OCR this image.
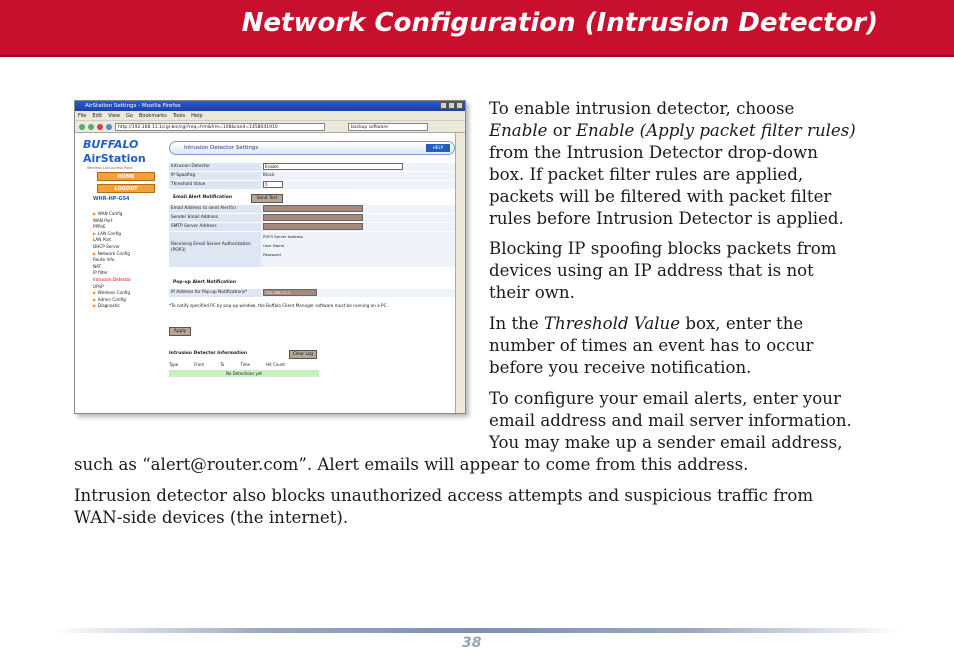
Network Configuration (Intrusion Detector)
AirStation Settings - Mozilla Firefox
File Edit View Go Bookmarks Tools Help
http://192.168.11.1/cgi-bin/cgi?req=frm&frm=108&rand=1458041910	backup software
BUFFALO
AirStation
Wireless LAN Access Point
HOME
LOGOUT
WHR-HP-G54
▶ WAN Config
WAN Port
PPPoE
▶ LAN Config
LAN Port
DHCP Server
▶ Network Config
Route Info
NAT
IP filter
Intrusion Detector
UPnP
▶ Wireless Config
▶ Admin Config
▶ Diagnostic
Intrusion Detector Settings	HELP
Intrusion Detector	Enable
IP Spoofing	Block
Threshold Value	5
Email Alert Notification	Send Test
Email Address to send Alert(s)
Sender Email Address
SMTP Server Address
Receiving Email Server Authorization (POP3)
POP3 Server Address
User Name
Password
Pop-up Alert Notification
IP Address for Pop-up Notifications*	192.168.11.2
*To notify specified PC by pop-up window, the Buffalo Client Manager software must be running on a PC.
Apply
Intrusion Detector Information	Clear Log
Type	From	To	Time	Hit Count
No Detections yet
To enable intrusion detector, choose
Enable or Enable (Apply packet filter rules)
from the Intrusion Detector drop-down
box. If packet filter rules are applied,
packets will be filtered with packet filter
rules before Intrusion Detector is applied.
Blocking IP spoofing blocks packets from
devices using an IP address that is not
their own.
In the Threshold Value box, enter the
number of times an event has to occur
before you receive notification.
To configure your email alerts, enter your
email address and mail server information.
You may make up a sender email address,
such as “alert@router.com”. Alert emails will appear to come from this address.
Intrusion detector also blocks unauthorized access attempts and suspicious traffic from
WAN-side devices (the internet).
38
